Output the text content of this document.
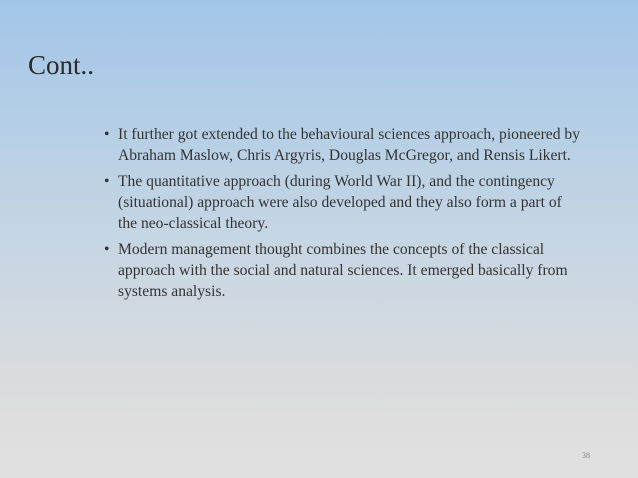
Cont..
• It further got extended to the behavioural sciences approach, pioneered by Abraham Maslow, Chris Argyris, Douglas McGregor, and Rensis Likert.
• The quantitative approach (during World War II), and the contingency (situational) approach were also developed and they also form a part of the neo-classical theory.
• Modern management thought combines the concepts of the classical approach with the social and natural sciences. It emerged basically from systems analysis.
38
